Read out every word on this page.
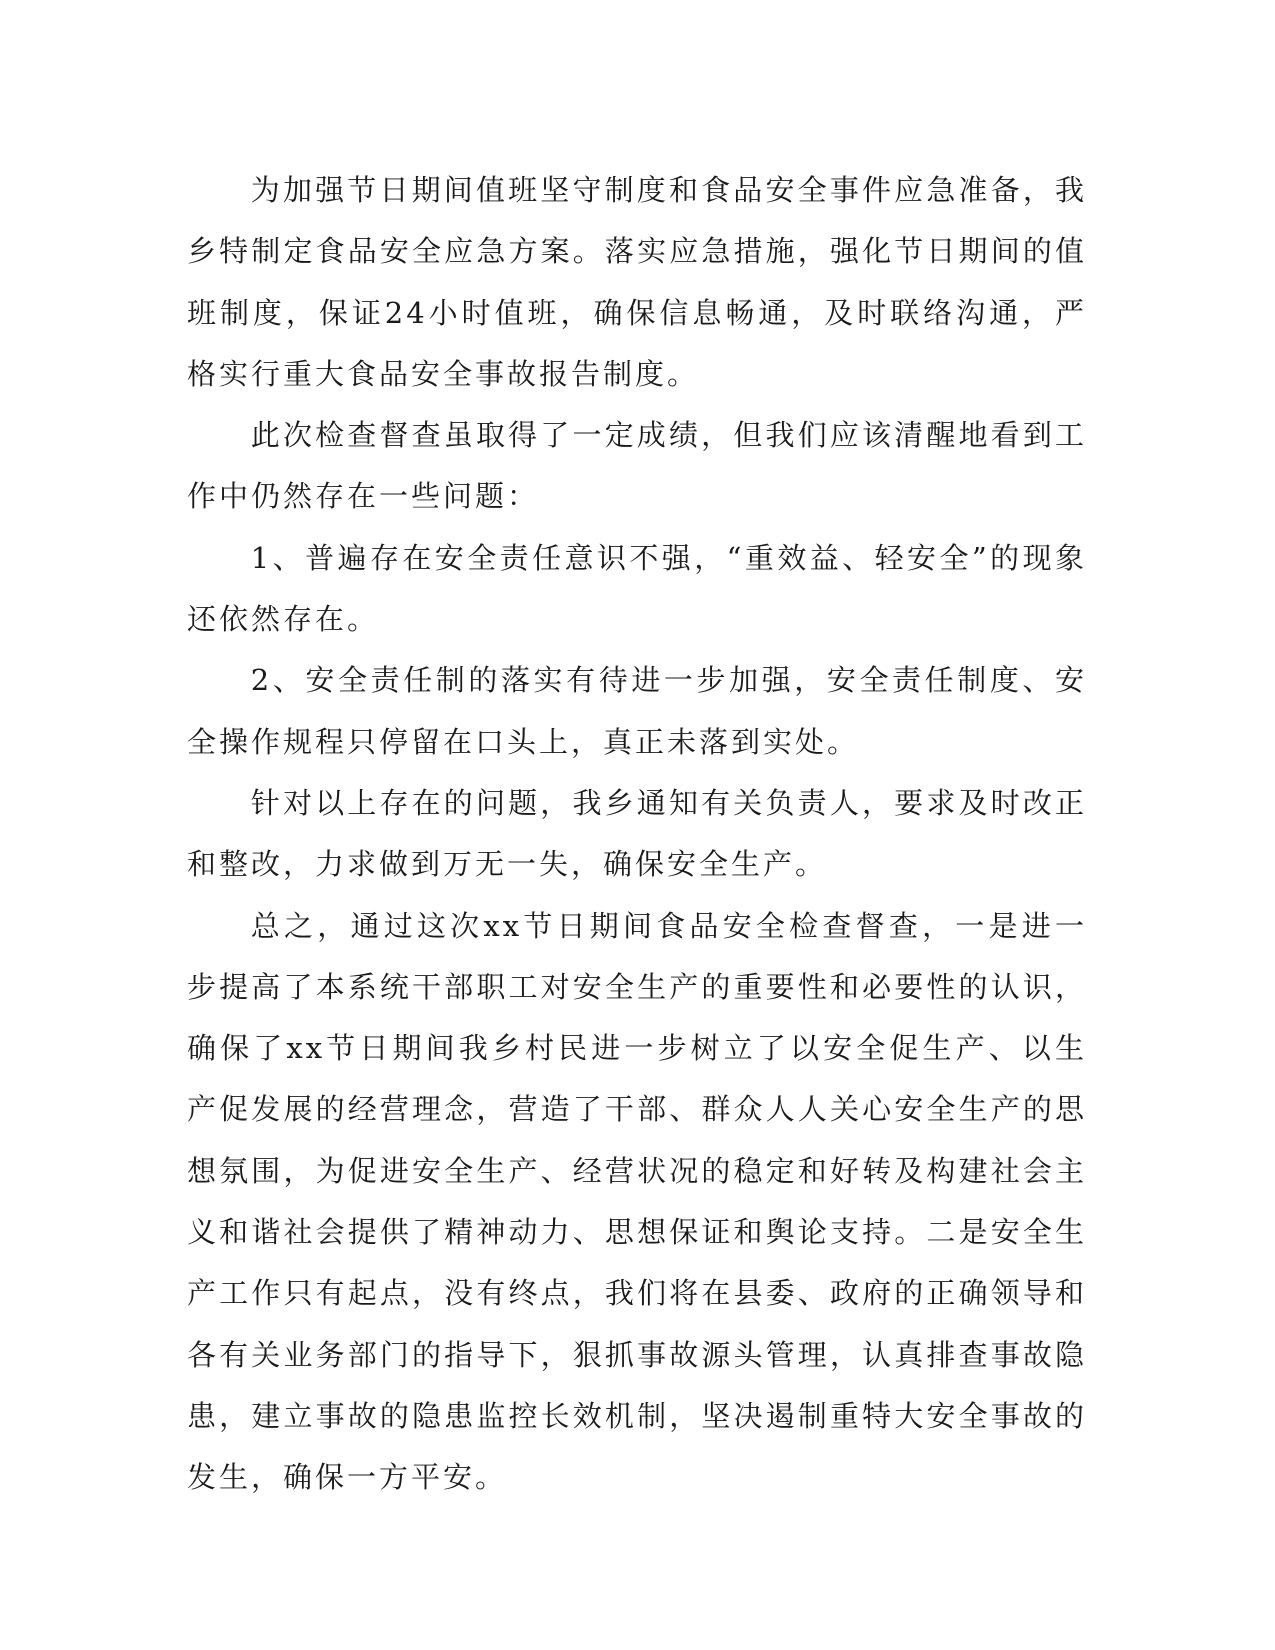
为加强节日期间值班坚守制度和食品安全事件应急准备，我乡特制定食品安全应急方案。落实应急措施，强化节日期间的值班制度，保证24小时值班，确保信息畅通，及时联络沟通，严格实行重大食品安全事故报告制度。

此次检查督查虽取得了一定成绩，但我们应该清醒地看到工作中仍然存在一些问题：

1、普遍存在安全责任意识不强，“重效益、轻安全”的现象还依然存在。

2、安全责任制的落实有待进一步加强，安全责任制度、安全操作规程只停留在口头上，真正未落到实处。

针对以上存在的问题，我乡通知有关负责人，要求及时改正和整改，力求做到万无一失，确保安全生产。

总之，通过这次xx节日期间食品安全检查督查，一是进一步提高了本系统干部职工对安全生产的重要性和必要性的认识，确保了xx节日期间我乡村民进一步树立了以安全促生产、以生产促发展的经营理念，营造了干部、群众人人关心安全生产的思想氛围，为促进安全生产、经营状况的稳定和好转及构建社会主义和谐社会提供了精神动力、思想保证和舆论支持。二是安全生产工作只有起点，没有终点，我们将在县委、政府的正确领导和各有关业务部门的指导下，狠抓事故源头管理，认真排查事故隐患，建立事故的隐患监控长效机制，坚决遏制重特大安全事故的发生，确保一方平安。
